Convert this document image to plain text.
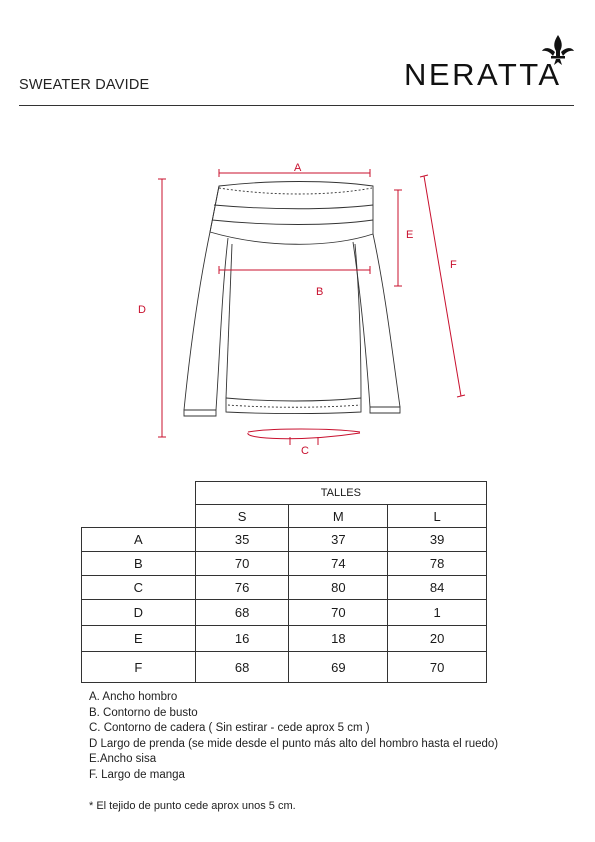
SWEATER DAVIDE	NERATTA
A
B
C
D
E
F
	TALLES		
	S	M	L
A	35	37	39
B	70	74	78
C	76	80	84
D	68	70	1
E	16	18	20
F	68	69	70
A. Ancho hombro
B. Contorno de busto
C. Contorno de cadera ( Sin estirar - cede aprox 5 cm )
D Largo de prenda (se mide desde el punto más alto del hombro hasta el ruedo)
E.Ancho sisa
F. Largo de manga
* El tejido de punto cede aprox unos 5 cm.
